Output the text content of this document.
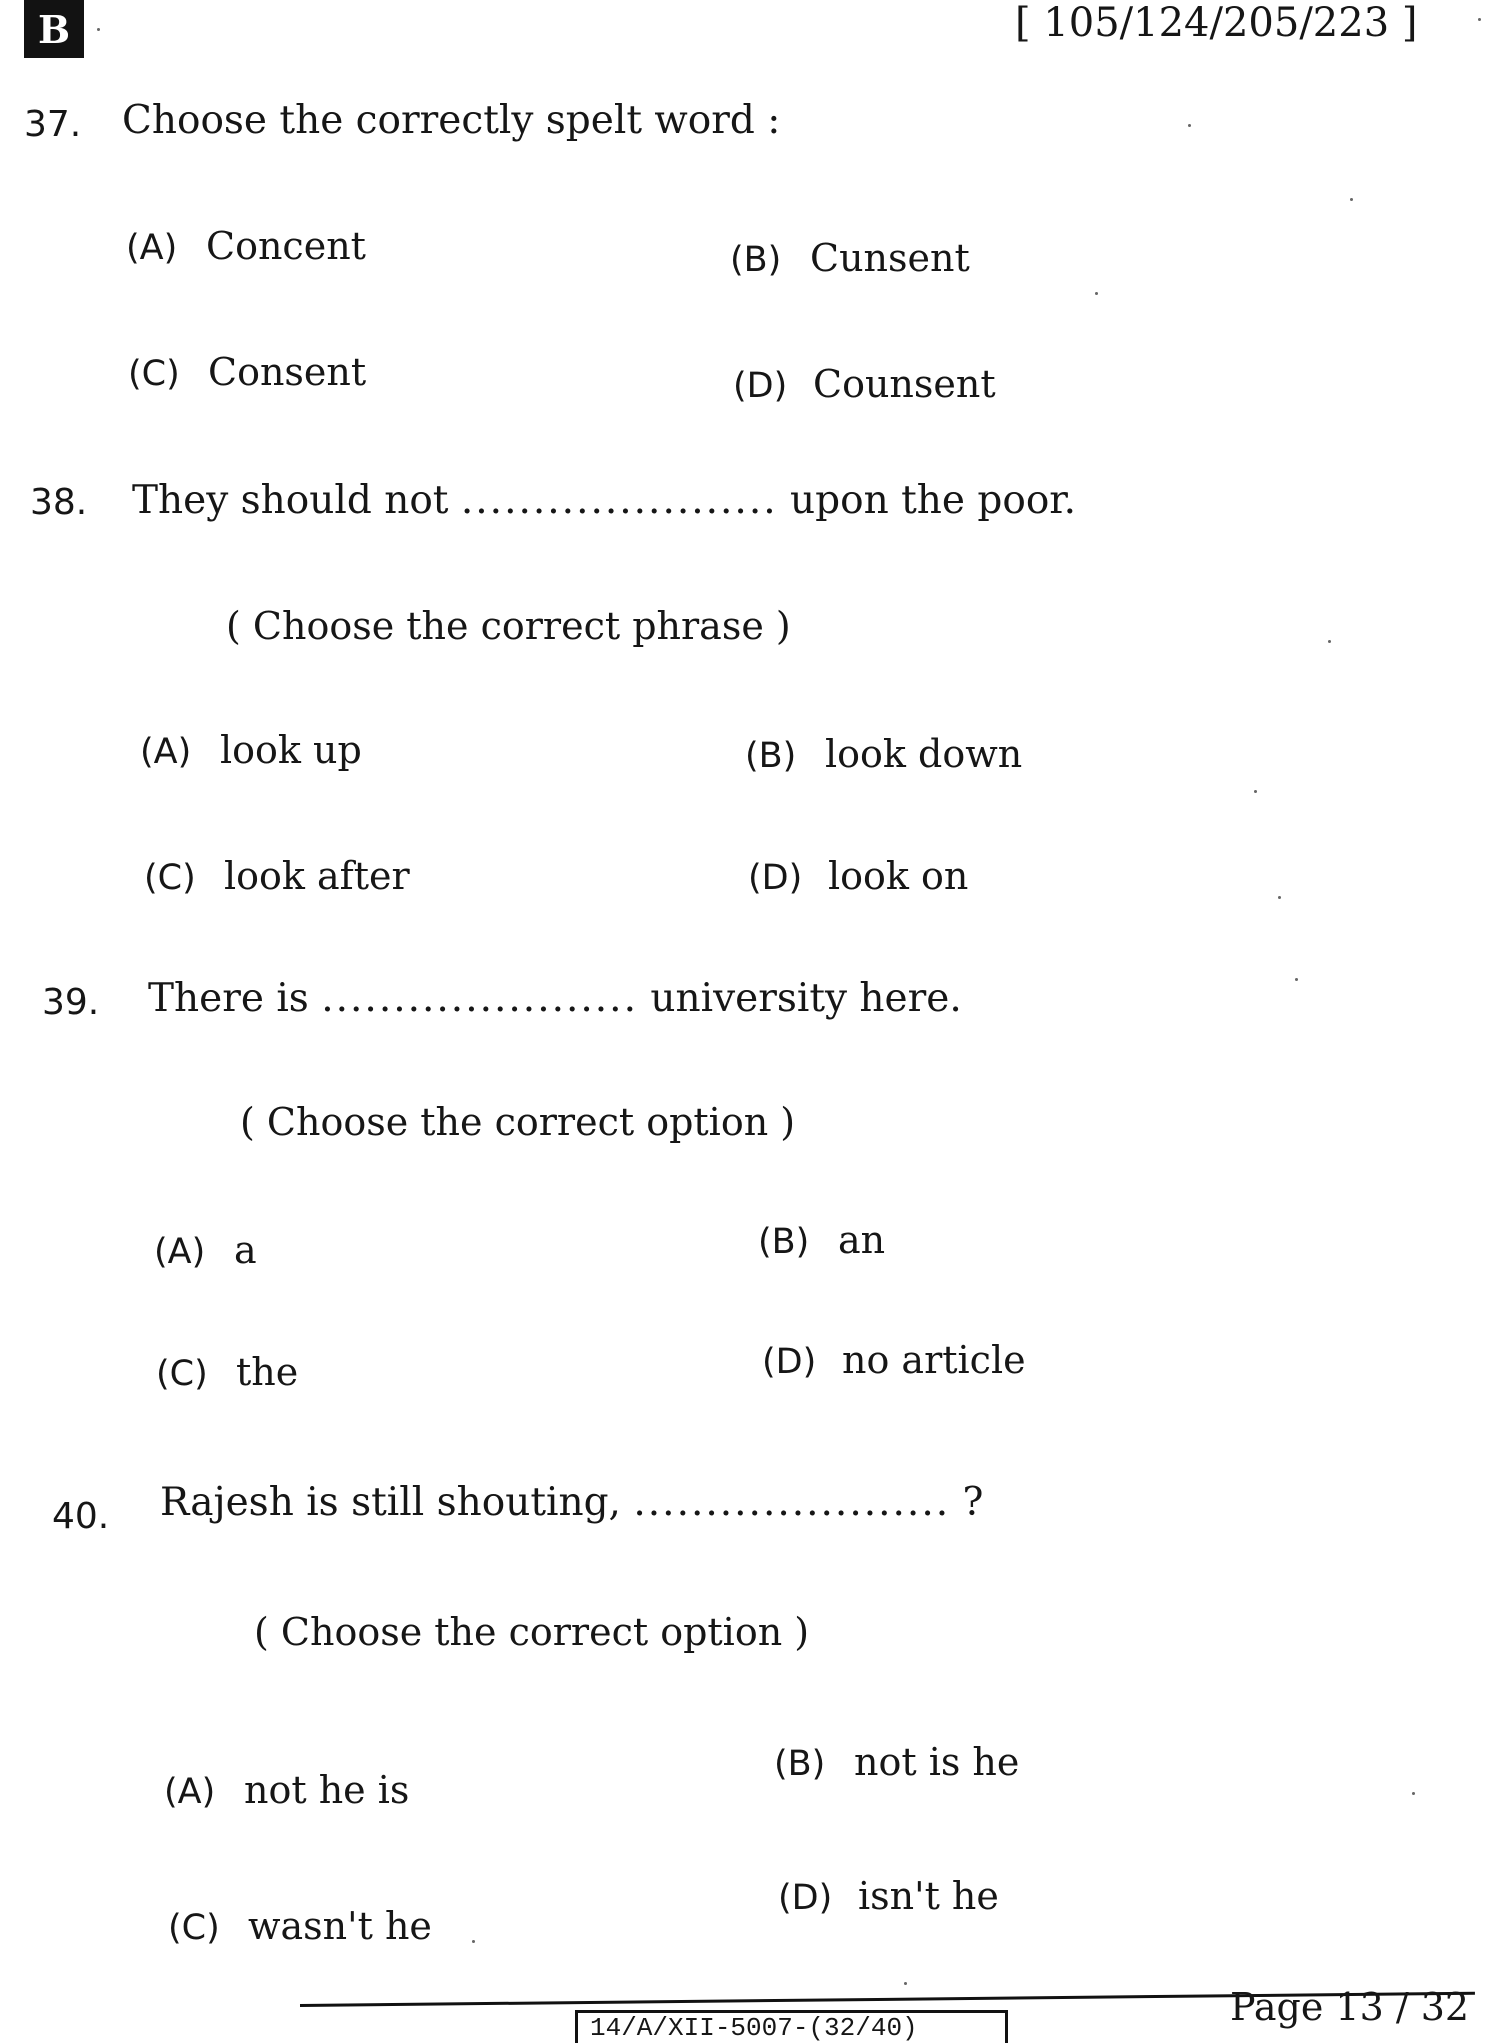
B	[ 105/124/205/223 ]
37. Choose the correctly spelt word :
(A) Concent	(B) Cunsent
(C) Consent	(D) Counsent
38. They should not ...................... upon the poor.
( Choose the correct phrase )
(A) look up	(B) look down
(C) look after	(D) look on
39. There is ...................... university here.
( Choose the correct option )
(A) a	(B) an
(C) the	(D) no article
40. Rajesh is still shouting, ...................... ?
( Choose the correct option )
(A) not he is
(B) not is he
(C) wasn't he
(D) isn't he
14/A/XII-5007-(32/40)	Page 13 / 32
